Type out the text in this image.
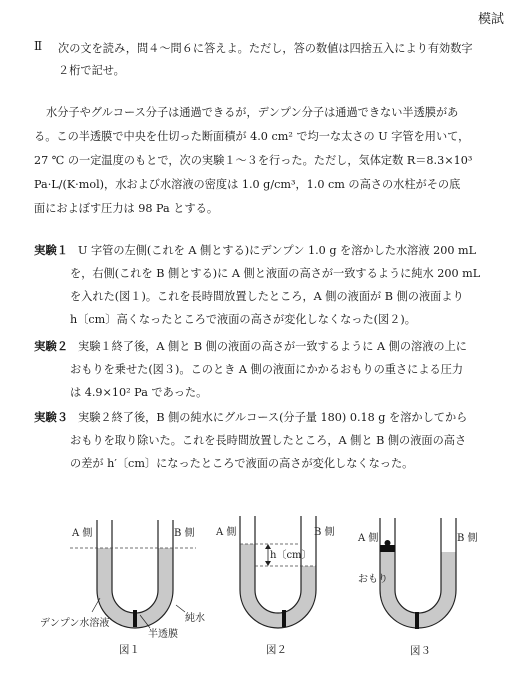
模試
Ⅱ 次の文を読み，問４～問６に答えよ。ただし，答の数値は四捨五入により有効数字
２桁で記せ。
水分子やグルコース分子は通過できるが，デンプン分子は通過できない半透膜があ
る。この半透膜で中央を仕切った断面積が 4.0 cm² で均一な太さの U 字管を用いて，
27 ℃ の一定温度のもとで，次の実験１～３を行った。ただし，気体定数 R＝8.3×10³
Pa·L/(K·mol)，水および水溶液の密度は 1.0 g/cm³，1.0 cm の高さの水柱がその底
面におよぼす圧力は 98 Pa とする。
実験１ U 字管の左側(これを A 側とする)にデンプン 1.0 g を溶かした水溶液 200 mL
を，右側(これを B 側とする)に A 側と液面の高さが一致するように純水 200 mL
を入れた(図１)。これを長時間放置したところ，A 側の液面が B 側の液面より
h〔cm〕高くなったところで液面の高さが変化しなくなった(図２)。
実験２ 実験１終了後，A 側と B 側の液面の高さが一致するように A 側の溶液の上に
おもりを乗せた(図３)。このとき A 側の液面にかかるおもりの重さによる圧力
は 4.9×10² Pa であった。
実験３ 実験２終了後，B 側の純水にグルコース(分子量 180) 0.18 g を溶かしてから
おもりを取り除いた。これを長時間放置したところ，A 側と B 側の液面の高さ
の差が h′〔cm〕になったところで液面の高さが変化しなくなった。
A 側	B 側
デンプン水溶液
半透膜
純水
図１
A 側	B 側
h〔cm〕
図２
A 側	B 側
おもり
図３
